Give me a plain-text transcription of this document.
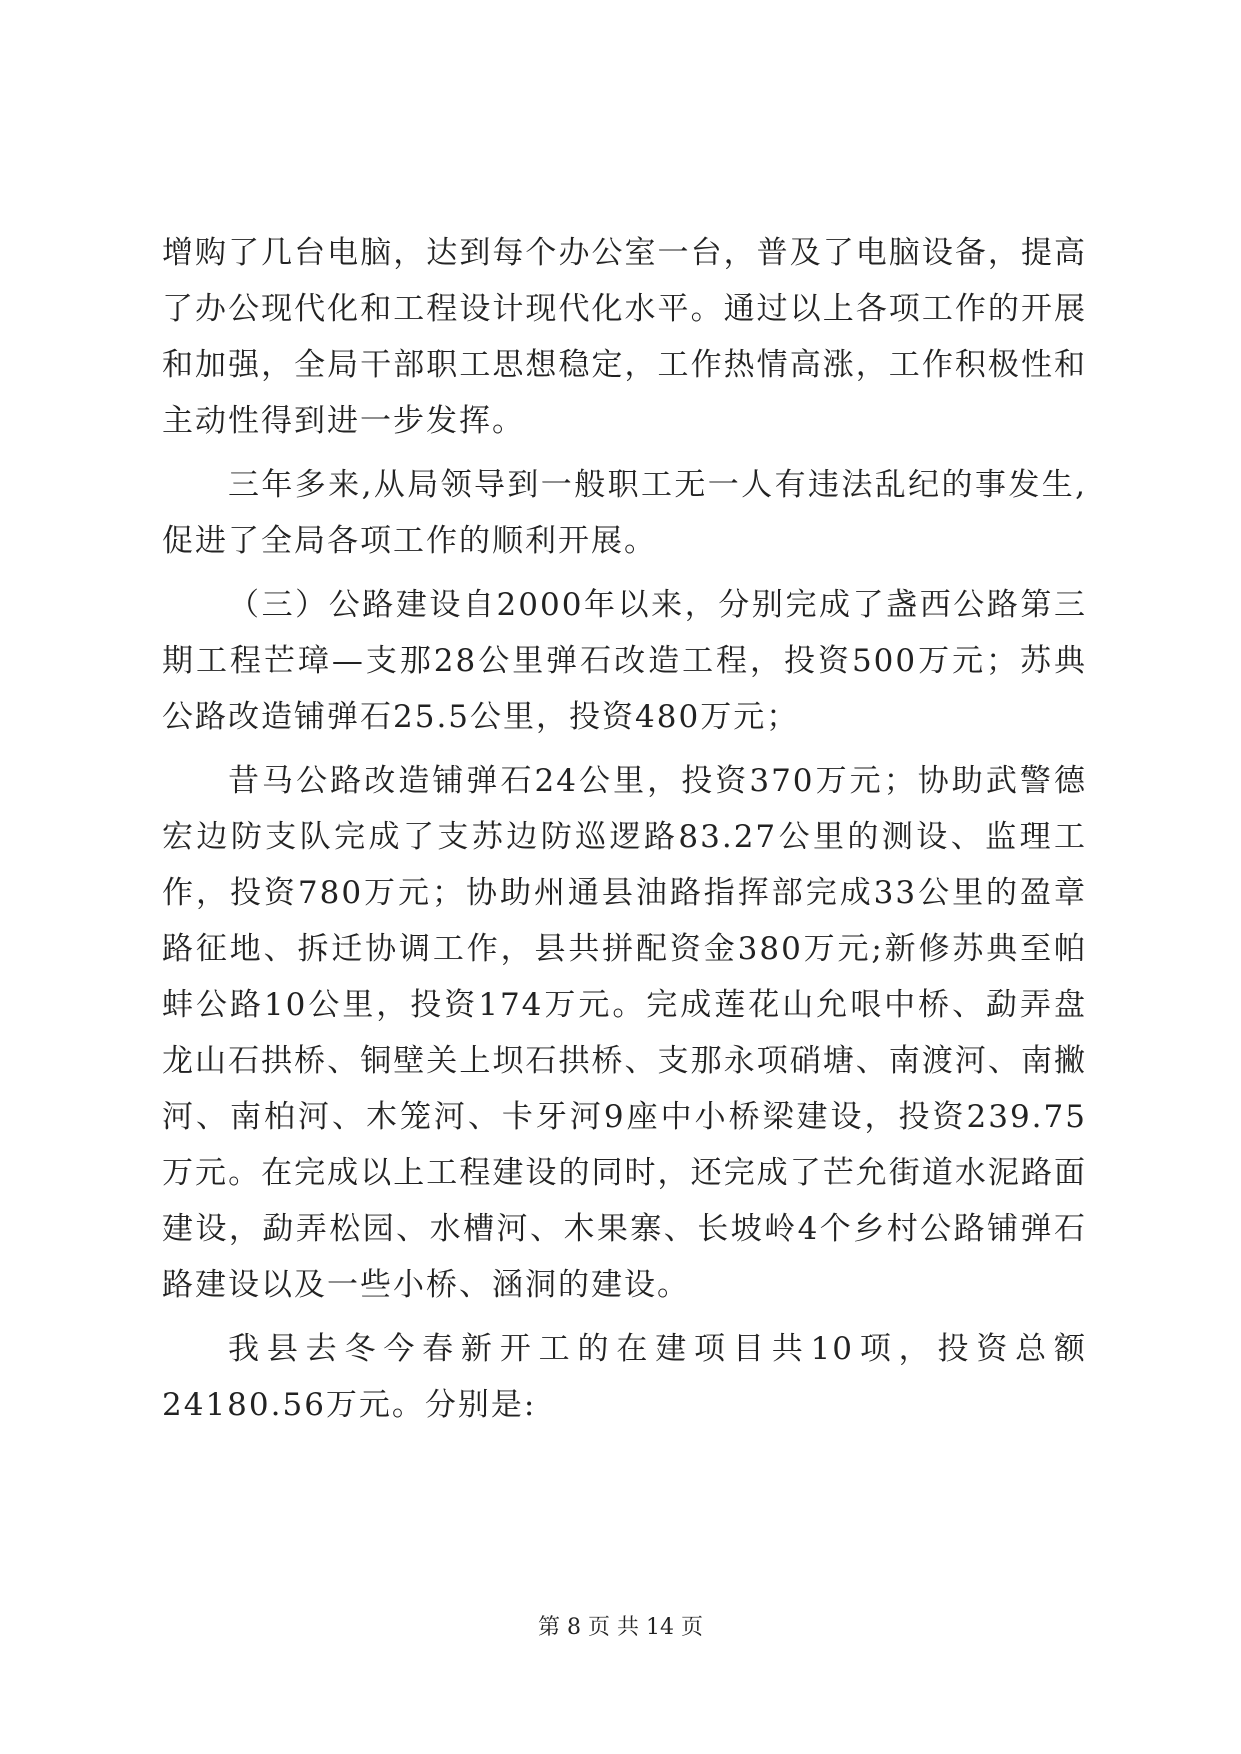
增购了几台电脑，达到每个办公室一台，普及了电脑设备，提高了办公现代化和工程设计现代化水平。通过以上各项工作的开展和加强，全局干部职工思想稳定，工作热情高涨，工作积极性和主动性得到进一步发挥。

三年多来,从局领导到一般职工无一人有违法乱纪的事发生,促进了全局各项工作的顺利开展。

（三）公路建设自2000年以来，分别完成了盏西公路第三期工程芒璋—支那28公里弹石改造工程，投资500万元；苏典公路改造铺弹石25.5公里，投资480万元；

昔马公路改造铺弹石24公里，投资370万元；协助武警德宏边防支队完成了支苏边防巡逻路83.27公里的测设、监理工作，投资780万元；协助州通县油路指挥部完成33公里的盈章路征地、拆迁协调工作，县共拼配资金380万元;新修苏典至帕蚌公路10公里，投资174万元。完成莲花山允哏中桥、勐弄盘龙山石拱桥、铜壁关上坝石拱桥、支那永项硝塘、南渡河、南撇河、南柏河、木笼河、卡牙河9座中小桥梁建设，投资239.75万元。在完成以上工程建设的同时，还完成了芒允街道水泥路面建设，勐弄松园、水槽河、木果寨、长坡岭4个乡村公路铺弹石路建设以及一些小桥、涵洞的建设。

我县去冬今春新开工的在建项目共10项，投资总额24180.56万元。分别是:

第 8 页 共 14 页
